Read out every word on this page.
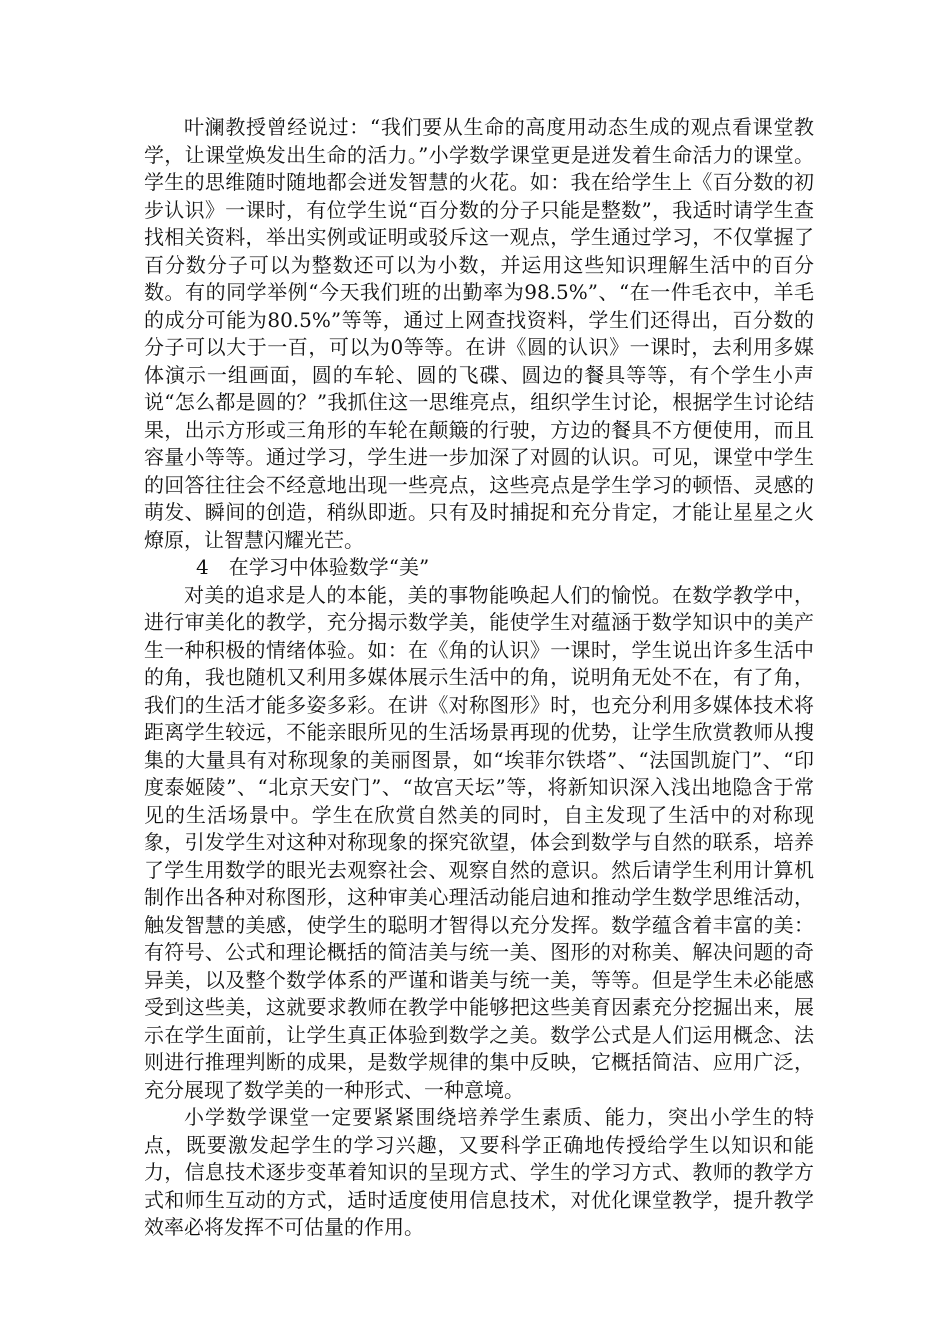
叶澜教授曾经说过：“我们要从生命的高度用动态生成的观点看课堂教学，让课堂焕发出生命的活力。”小学数学课堂更是迸发着生命活力的课堂。学生的思维随时随地都会迸发智慧的火花。如：我在给学生上《百分数的初步认识》一课时，有位学生说“百分数的分子只能是整数”，我适时请学生查找相关资料，举出实例或证明或驳斥这一观点，学生通过学习，不仅掌握了百分数分子可以为整数还可以为小数，并运用这些知识理解生活中的百分数。有的同学举例“今天我们班的出勤率为98.5%”、“在一件毛衣中，羊毛的成分可能为80.5%”等等，通过上网查找资料，学生们还得出，百分数的分子可以大于一百，可以为0等等。在讲《圆的认识》一课时，去利用多媒体演示一组画面，圆的车轮、圆的飞碟、圆边的餐具等等，有个学生小声说“怎么都是圆的？”我抓住这一思维亮点，组织学生讨论，根据学生讨论结果，出示方形或三角形的车轮在颠簸的行驶，方边的餐具不方便使用，而且容量小等等。通过学习，学生进一步加深了对圆的认识。可见，课堂中学生的回答往往会不经意地出现一些亮点，这些亮点是学生学习的顿悟、灵感的萌发、瞬间的创造，稍纵即逝。只有及时捕捉和充分肯定，才能让星星之火燎原，让智慧闪耀光芒。

4　在学习中体验数学“美”

对美的追求是人的本能，美的事物能唤起人们的愉悦。在数学教学中，进行审美化的教学，充分揭示数学美，能使学生对蕴涵于数学知识中的美产生一种积极的情绪体验。如：在《角的认识》一课时，学生说出许多生活中的角，我也随机又利用多媒体展示生活中的角，说明角无处不在，有了角，我们的生活才能多姿多彩。在讲《对称图形》时，也充分利用多媒体技术将距离学生较远，不能亲眼所见的生活场景再现的优势，让学生欣赏教师从搜集的大量具有对称现象的美丽图景，如“埃菲尔铁塔”、“法国凯旋门”、“印度泰姬陵”、“北京天安门”、“故宫天坛”等，将新知识深入浅出地隐含于常见的生活场景中。学生在欣赏自然美的同时，自主发现了生活中的对称现象，引发学生对这种对称现象的探究欲望，体会到数学与自然的联系，培养了学生用数学的眼光去观察社会、观察自然的意识。然后请学生利用计算机制作出各种对称图形，这种审美心理活动能启迪和推动学生数学思维活动，触发智慧的美感，使学生的聪明才智得以充分发挥。数学蕴含着丰富的美：有符号、公式和理论概括的简洁美与统一美、图形的对称美、解决问题的奇异美，以及整个数学体系的严谨和谐美与统一美，等等。但是学生未必能感受到这些美，这就要求教师在教学中能够把这些美育因素充分挖掘出来，展示在学生面前，让学生真正体验到数学之美。数学公式是人们运用概念、法则进行推理判断的成果，是数学规律的集中反映，它概括简洁、应用广泛，充分展现了数学美的一种形式、一种意境。

小学数学课堂一定要紧紧围绕培养学生素质、能力，突出小学生的特点，既要激发起学生的学习兴趣，又要科学正确地传授给学生以知识和能力，信息技术逐步变革着知识的呈现方式、学生的学习方式、教师的教学方式和师生互动的方式，适时适度使用信息技术，对优化课堂教学，提升教学效率必将发挥不可估量的作用。
